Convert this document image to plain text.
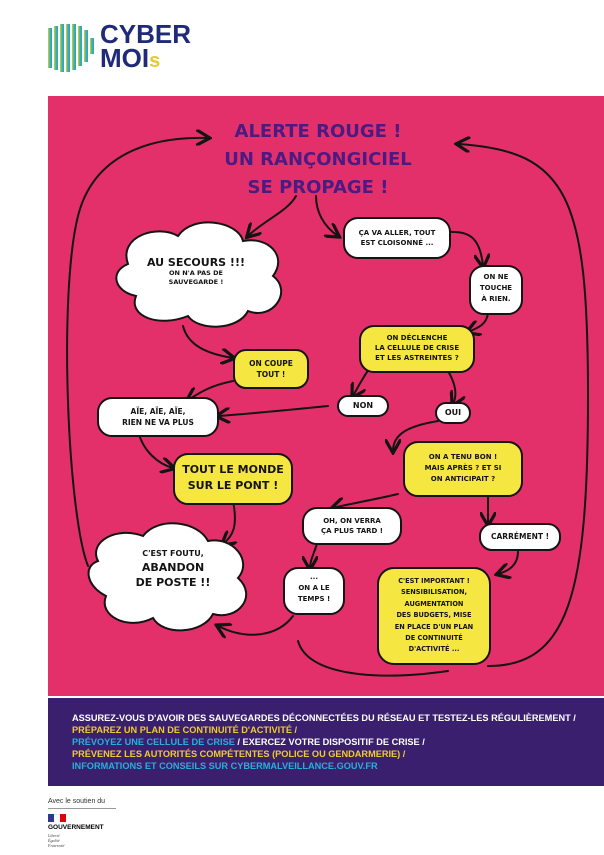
CYBER
MOIs
ALERTE ROUGE !
UN RANÇONGICIEL
SE PROPAGE !
AU SECOURS !!!
ON N'A PAS DE
SAUVEGARDE !
ÇA VA ALLER, TOUT
EST CLOISONNÉ ...
ON NE
TOUCHE
À RIEN.
ON DÉCLENCHE
LA CELLULE DE CRISE
ET LES ASTREINTES ?
ON COUPE
TOUT !
NON
OUI
AÏE, AÏE, AÏE,
RIEN NE VA PLUS
TOUT LE MONDE
SUR LE PONT !
ON A TENU BON !
MAIS APRÈS ? ET SI
ON ANTICIPAIT ?
OH, ON VERRA
ÇA PLUS TARD !
CARRÉMENT !
C'EST FOUTU,
ABANDON
DE POSTE !!	...
ON A LE
TEMPS !
C'EST IMPORTANT !
SENSIBILISATION,
AUGMENTATION
DES BUDGETS, MISE
EN PLACE D'UN PLAN
DE CONTINUITÉ
D'ACTIVITÉ ...
ASSUREZ-VOUS D'AVOIR DES SAUVEGARDES DÉCONNECTÉES DU RÉSEAU ET TESTEZ-LES RÉGULIÈREMENT / PRÉPAREZ UN PLAN DE CONTINUITÉ D'ACTIVITÉ /
PRÉVOYEZ UNE CELLULE DE CRISE / EXERCEZ VOTRE DISPOSITIF DE CRISE /
PRÉVENEZ LES AUTORITÉS COMPÉTENTES (POLICE OU GENDARMERIE) /
INFORMATIONS ET CONSEILS SUR CYBERMALVEILLANCE.GOUV.FR
Avec le soutien du
GOUVERNEMENT
Liberté
Égalité
Fraternité
